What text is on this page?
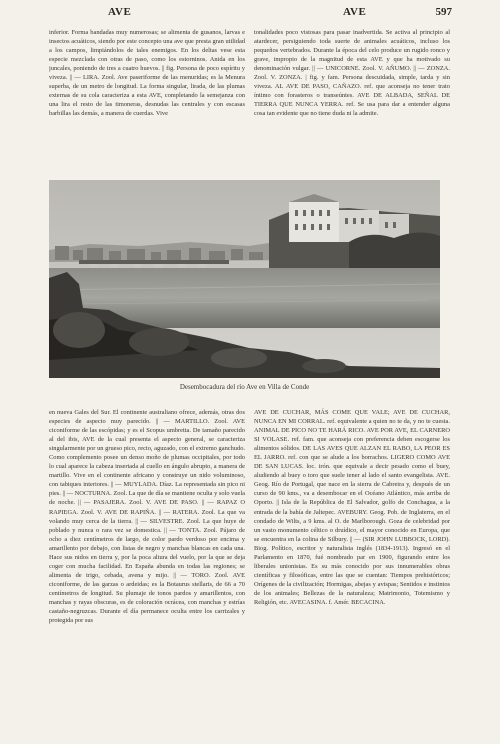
AVE	AVE	597

inferior. Forma bandadas muy numerosas; se alimenta de gusanos, larvas e insectos acuáticos, siendo por este concepto una ave que presta gran utilidad a los campos, limpiándolos de tales enemigos. En los deltas vese esta especie mezclada con otras de paso, como los estorninos. Anida en los juncales, poniendo de tres a cuatro huevos. || fig. Persona de poco espíritu y viveza. || — LIRA. Zool. Ave paseriforme de las menuridas; es la Menura superba, de un metro de longitud. La forma singular, lirada, de las plumas externas de su cola caracteriza a esta AVE, completando la semejanza con una lira el resto de las timoneras, desnudas las centrales y con escasas barbillas las demás, a manera de cuerdas. Vive

tonalidades poco vistosas para pasar inadvertida. Se activa al principio al atardecer, persiguiendo toda suerte de animales acuáticos, incluso los pequeños vertebrados. Durante la época del celo produce un rugido ronco y grave, impropio de la magnitud de esta AVE y que ha motivado su denominación vulgar. || — UNICORNE. Zool. V. AÑUMO. || — ZONZA. Zool. V. ZONZA. | fig. y fam. Persona descuidada, simple, tarda y sin viveza. AL AVE DE PASO, CAÑAZO. ref. que aconseja no tener trato íntimo con forasteros o transeúntes. AVE DE ALBADA, SEÑAL DE TIERRA QUE NUNCA YERRA. ref. Se usa para dar a entender alguna cosa tan evidente que no tiene duda ni la admite.

Desembocadura del río Ave en Villa de Conde

en nueva Gales del Sur. El continente australiano ofrece, además, otras dos especies de aspecto muy parecido. || — MARTILLO. Zool. AVE ciconiforme de las escópidas; y es el Scopus umbretta. De tamaño parecido al del ibis, AVE de la cual presenta el aspecto general, se caracteriza singularmente por un grueso pico, recto, aguzado, con el extremo ganchudo. Como complemento posee un denso moño de plumas occipitales, por todo lo cual aparece la cabeza insertada al cuello en ángulo abrupto, a manera de martillo. Vive en el continente africano y construye un nido voluminoso, con tabiques interiores. || — MUYLADA. Díaz. La representada sin pico ni pies. || — NOCTURNA. Zool. La que de día se mantiene oculta y solo vuela de noche. || — PASAJERA. Zool. V. AVE DE PASO. || — RAPAZ O RAPIEGA. Zool. V. AVE DE RAPIÑA. || — RATERA. Zool. La que va volando muy cerca de la tierra. || — SILVESTRE. Zool. La que huye de poblado y nunca o rara vez se domestica. || — TONTA. Zool. Pájaro de ocho a diez centímetros de largo, de color pardo verdoso por encima y amarillento por debajo, con listas de negro y manchas blancas en cada una. Hace sus nidos en tierra y, por la poca altura del vuelo, por la que se deja coger con mucha facilidad. En España abunda en todas las regiones; se alimenta de trigo, cebada, avena y mijo. || — TORO. Zool. AVE ciconiforme, de las garzas o ardeidas; es la Botaurus stellaris, de 66 a 70 centímetros de longitud. Su plumaje de tonos pardos y amarillentos, con manchas y rayas obscuras, es de coloración ocrácea, con manchas y estrías castaño-negruzcas. Durante el día permanece oculta entre los carrizales y protegida por sus

AVE DE CUCHAR, MÁS COME QUE VALE; AVE DE CUCHAR, NUNCA EN MI CORRAL. ref. equivalente a quien no te da, y no te cuesta. ANIMAL DE PICO NO TE HARÁ RICO. AVE POR AVE, EL CARNERO SI VOLASE. ref. fam. que aconseja con preferencia deben escogerse los alimentos sólidos. DE LAS AVES QUE ALZAN EL RABO, LA PEOR ES EL JARRO. ref. con que se alude a los borrachos. LIGERO COMO AVE DE SAN LUCAS. loc. irón. que equivale a decir pesado como el buey, aludiendo al buey o toro que suele tener al lado el santo evangelista. AVE. Geog. Río de Portugal, que nace en la sierra de Cabreira y, después de un curso de 90 kms., va a desembocar en el Océano Atlántico, más arriba de Oporto. || Isla de la República de El Salvador, golfo de Conchagua, a la entrada de la bahía de Jaltepec. AVEBURY. Geog. Pob. de Inglaterra, en el condado de Wilts, a 9 kms. al O. de Marlborough. Goza de celebridad por un vasto monumento céltico o druídico, el mayor conocido en Europa, que se encuentra en la colina de Silbury. || — (SIR JOHN LUBBOCK, LORD). Biog. Político, escritor y naturalista inglés (1834-1913). Ingresó en el Parlamento en 1870, fué nombrado par en 1900, figurando entre los liberales unionistas. Es su más conocido por sus innumerables obras científicas y filosóficas, entre las que se cuentan: Tiempos prehistóricos; Orígenes de la civilización; Hormigas, abejas y avispas; Sentidos e instintos de los animales; Bellezas de la naturaleza; Matrimonio, Totemismo y Religión, etc. AVECASINA. f. Amér. BECACINA.
